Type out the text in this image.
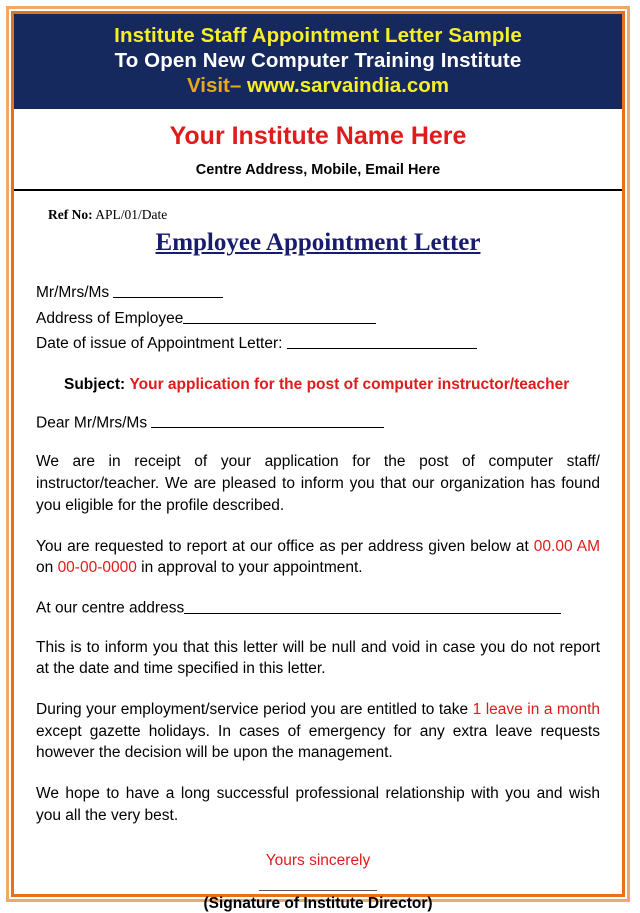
Institute Staff Appointment Letter Sample
To Open New Computer Training Institute
Visit– www.sarvaindia.com
Your Institute Name Here
Centre Address, Mobile, Email Here
Ref No: APL/01/Date
Employee Appointment Letter
Mr/Mrs/Ms
Address of Employee
Date of issue of Appointment Letter:
Subject: Your application for the post of computer instructor/teacher
Dear Mr/Mrs/Ms
We are in receipt of your application for the post of computer staff/ instructor/teacher. We are pleased to inform you that our organization has found you eligible for the profile described.
You are requested to report at our office as per address given below at 00.00 AM on 00-00-0000 in approval to your appointment.
At our centre address
This is to inform you that this letter will be null and void in case you do not report at the date and time specified in this letter.
During your employment/service period you are entitled to take 1 leave in a month except gazette holidays. In cases of emergency for any extra leave requests however the decision will be upon the management.
We hope to have a long successful professional relationship with you and wish you all the very best.
Yours sincerely
(Signature of Institute Director)
